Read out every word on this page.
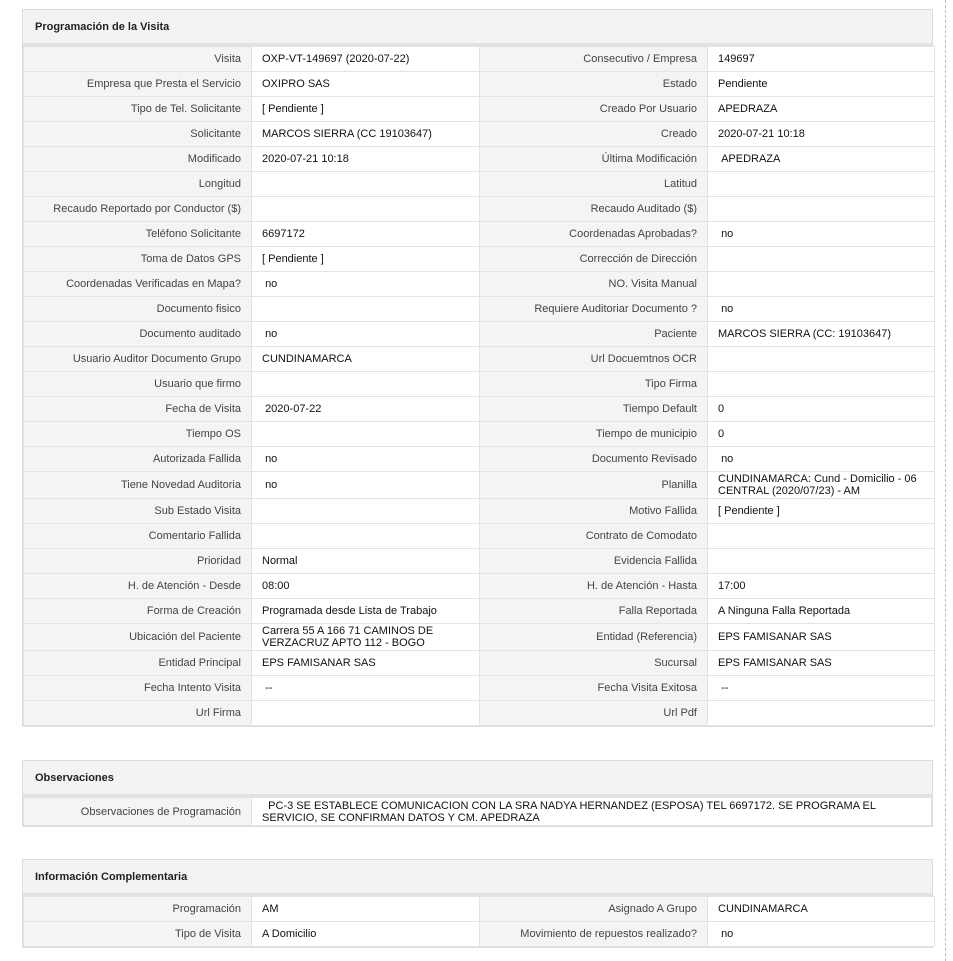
Programación de la Visita
Visita	OXP-VT-149697 (2020-07-22)	Consecutivo / Empresa	149697
Empresa que Presta el Servicio	OXIPRO SAS	Estado	Pendiente
Tipo de Tel. Solicitante	[ Pendiente ]	Creado Por Usuario	APEDRAZA
Solicitante	MARCOS SIERRA (CC 19103647)	Creado	2020-07-21 10:18
Modificado	2020-07-21 10:18	Última Modificación	APEDRAZA
Longitud		Latitud	
Recaudo Reportado por Conductor ($)		Recaudo Auditado ($)	
Teléfono Solicitante	6697172	Coordenadas Aprobadas?	no
Toma de Datos GPS	[ Pendiente ]	Corrección de Dirección	
Coordenadas Verificadas en Mapa?	no	NO. Visita Manual	
Documento fisico		Requiere Auditoriar Documento ?	no
Documento auditado	no	Paciente	MARCOS SIERRA (CC: 19103647)
Usuario Auditor Documento Grupo	CUNDINAMARCA	Url Docuemtnos OCR	
Usuario que firmo		Tipo Firma	
Fecha de Visita	2020-07-22	Tiempo Default	0
Tiempo OS		Tiempo de municipio	0
Autorizada Fallida	no	Documento Revisado	no
Tiene Novedad Auditoria	no	Planilla	CUNDINAMARCA: Cund - Domicilio - 06 CENTRAL (2020/07/23) - AM
Sub Estado Visita		Motivo Fallida	[ Pendiente ]
Comentario Fallida		Contrato de Comodato	
Prioridad	Normal	Evidencia Fallida	
H. de Atención - Desde	08:00	H. de Atención - Hasta	17:00
Forma de Creación	Programada desde Lista de Trabajo	Falla Reportada	A Ninguna Falla Reportada
Ubicación del Paciente	Carrera 55 A 166 71 CAMINOS DE VERZACRUZ APTO 112 - BOGO	Entidad (Referencia)	EPS FAMISANAR SAS
Entidad Principal	EPS FAMISANAR SAS	Sucursal	EPS FAMISANAR SAS
Fecha Intento Visita	--	Fecha Visita Exitosa	--
Url Firma		Url Pdf	
Observaciones
Observaciones de Programación	PC-3 SE ESTABLECE COMUNICACION CON LA SRA NADYA HERNANDEZ (ESPOSA) TEL 6697172. SE PROGRAMA EL SERVICIO, SE CONFIRMAN DATOS Y CM. APEDRAZA
Información Complementaria
Programación	AM	Asignado A Grupo	CUNDINAMARCA
Tipo de Visita	A Domicilio	Movimiento de repuestos realizado?	no
